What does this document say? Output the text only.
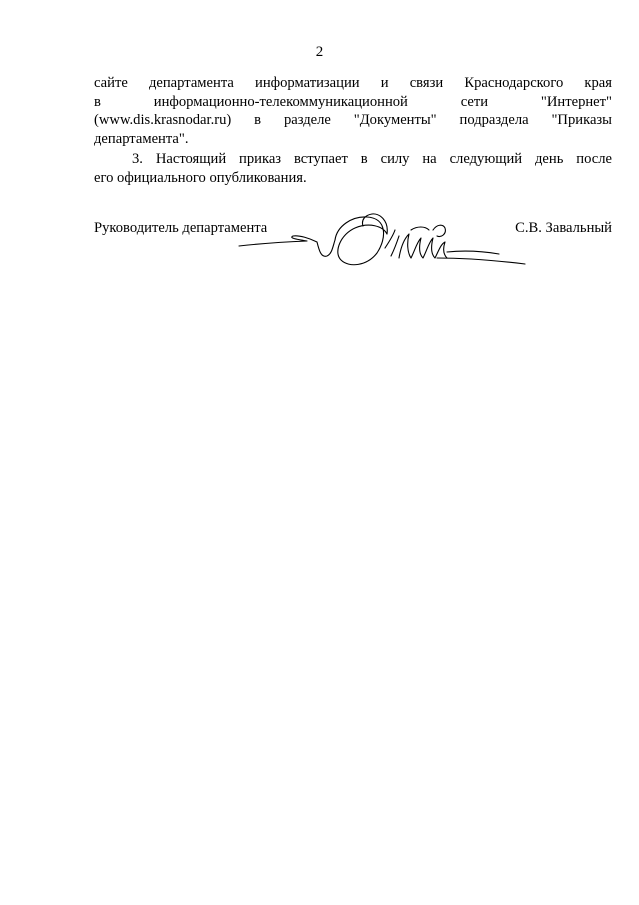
2
сайте департамента информатизации и связи Краснодарского края
в информационно-телекоммуникационной сети "Интернет"
(www.dis.krasnodar.ru) в разделе "Документы" подраздела "Приказы
департамента".
3. Настоящий приказ вступает в силу на следующий день после
его официального опубликования.
Руководитель департамента	С.В. Завальный
